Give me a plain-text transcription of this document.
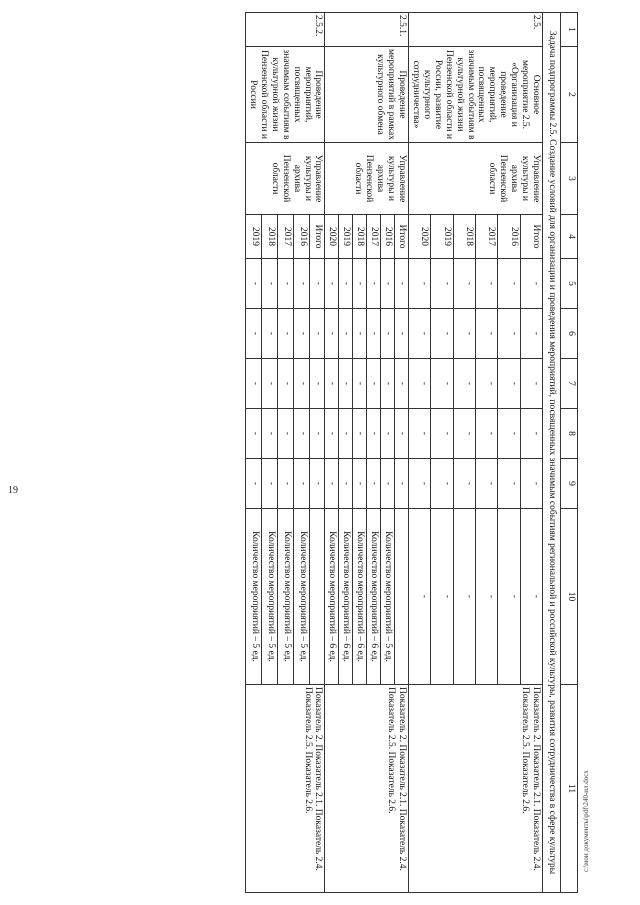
19
c:\мои документы\pdf\240-ил.docx
1	2	3	4	5	6	7	8	9	10	11
Задача подпрограммы 2.5. Создание условий для организации и проведения мероприятий, посвященных значимым событиям региональной и российской культуры, развития сотрудничества в сфере культуры										
2.5.	Основное мероприятие 2.5. «Организация и проведение мероприятий, посвященных значимым событиям в культурной жизни Пензенской области и России, развитие культурного сотрудничества»	Управление культуры и архива Пензенской области	Итого	-	-	-	-	-	-	Показатель 2. Показатель 2.1. Показатель 2.4. Показатель 2.5. Показатель 2.6.
			2016	-	-	-	-	-	-	
			2017	-	-	-	-	-	-	
			2018	-	-	-	-	-	-	
			2019	-	-	-	-	-	-	
			2020	-	-	-	-	-	-	
2.5.1.	Проведение мероприятий в рамках культурного обмена	Управление культуры и архива Пензенской области	Итого	-	-	-	-	-		Показатель 2. Показатель 2.1. Показатель 2.4. Показатель 2.5. Показатель 2.6.
			2016	-	-	-	-	-	Количество мероприятий – 5 ед.	
			2017	-	-	-	-	-	Количество мероприятий – 6 ед.	
			2018	-	-	-	-	-	Количество мероприятий – 6 ед.	
			2019	-	-	-	-	-	Количество мероприятий – 6 ед.	
			2020	-	-	-	-	-	Количество мероприятий – 6 ед.	
2.5.2.	Проведение мероприятий, посвященных значимым событиям в культурной жизни Пензенской области и России	Управление культуры и архива Пензенской области	Итого	-	-	-	-	-		Показатель 2. Показатель 2.1. Показатель 2.4. Показатель 2.5. Показатель 2.6.
			2016	-	-	-	-	-	Количество мероприятий – 5 ед.	
			2017	-	-	-	-	-	Количество мероприятий – 5 ед.	
			2018	-	-	-	-	-	Количество мероприятий – 5 ед.	
			2019	-	-	-	-	-	Количество мероприятий – 5 ед.	
